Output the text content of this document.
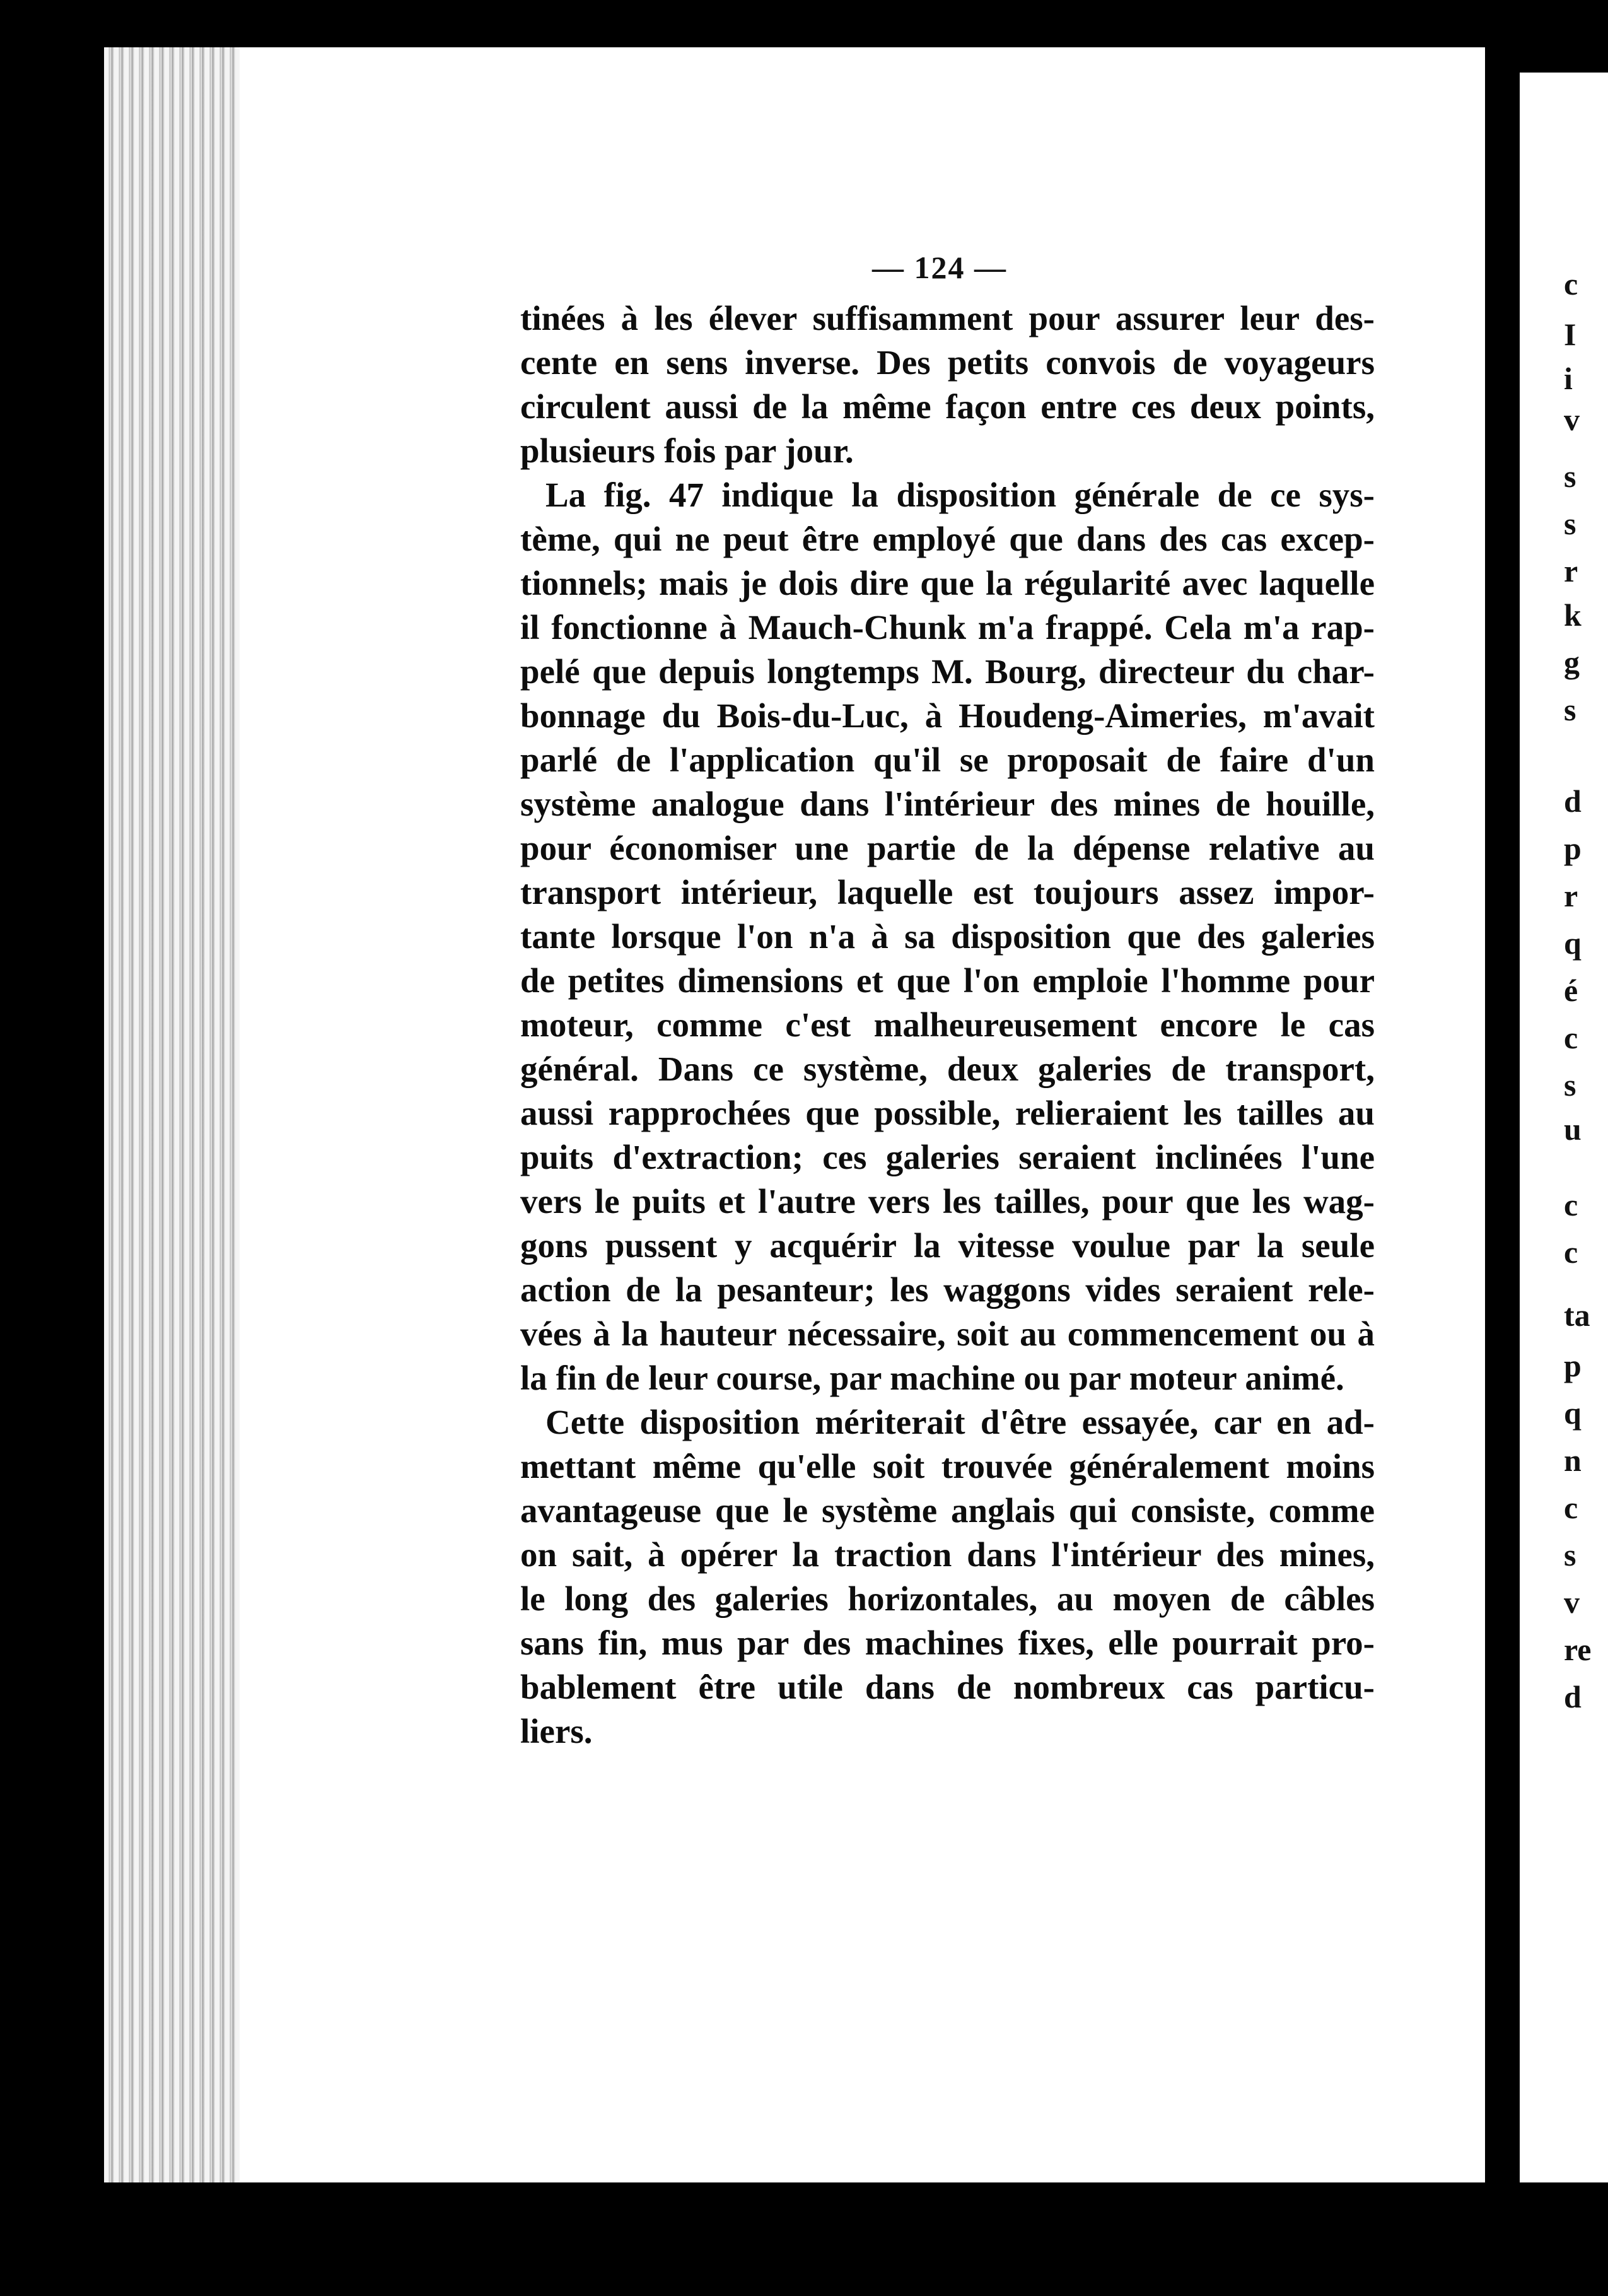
c
I
i
v
s
s
r
k
g
s
d
p
r
q
é
c
s
u
c
c
ta
p
q
n
c
s
v
re
d
— 124 —
tinées à les élever suffisamment pour assurer leur des-
cente en sens inverse. Des petits convois de voyageurs
circulent aussi de la même façon entre ces deux points,
plusieurs fois par jour.
La fig. 47 indique la disposition générale de ce sys-
tème, qui ne peut être employé que dans des cas excep-
tionnels; mais je dois dire que la régularité avec laquelle
il fonctionne à Mauch-Chunk m'a frappé. Cela m'a rap-
pelé que depuis longtemps M. Bourg, directeur du char-
bonnage du Bois-du-Luc, à Houdeng-Aimeries, m'avait
parlé de l'application qu'il se proposait de faire d'un
système analogue dans l'intérieur des mines de houille,
pour économiser une partie de la dépense relative au
transport intérieur, laquelle est toujours assez impor-
tante lorsque l'on n'a à sa disposition que des galeries
de petites dimensions et que l'on emploie l'homme pour
moteur, comme c'est malheureusement encore le cas
général. Dans ce système, deux galeries de transport,
aussi rapprochées que possible, relieraient les tailles au
puits d'extraction; ces galeries seraient inclinées l'une
vers le puits et l'autre vers les tailles, pour que les wag-
gons pussent y acquérir la vitesse voulue par la seule
action de la pesanteur; les waggons vides seraient rele-
vées à la hauteur nécessaire, soit au commencement ou à
la fin de leur course, par machine ou par moteur animé.
Cette disposition mériterait d'être essayée, car en ad-
mettant même qu'elle soit trouvée généralement moins
avantageuse que le système anglais qui consiste, comme
on sait, à opérer la traction dans l'intérieur des mines,
le long des galeries horizontales, au moyen de câbles
sans fin, mus par des machines fixes, elle pourrait pro-
bablement être utile dans de nombreux cas particu-
liers.
